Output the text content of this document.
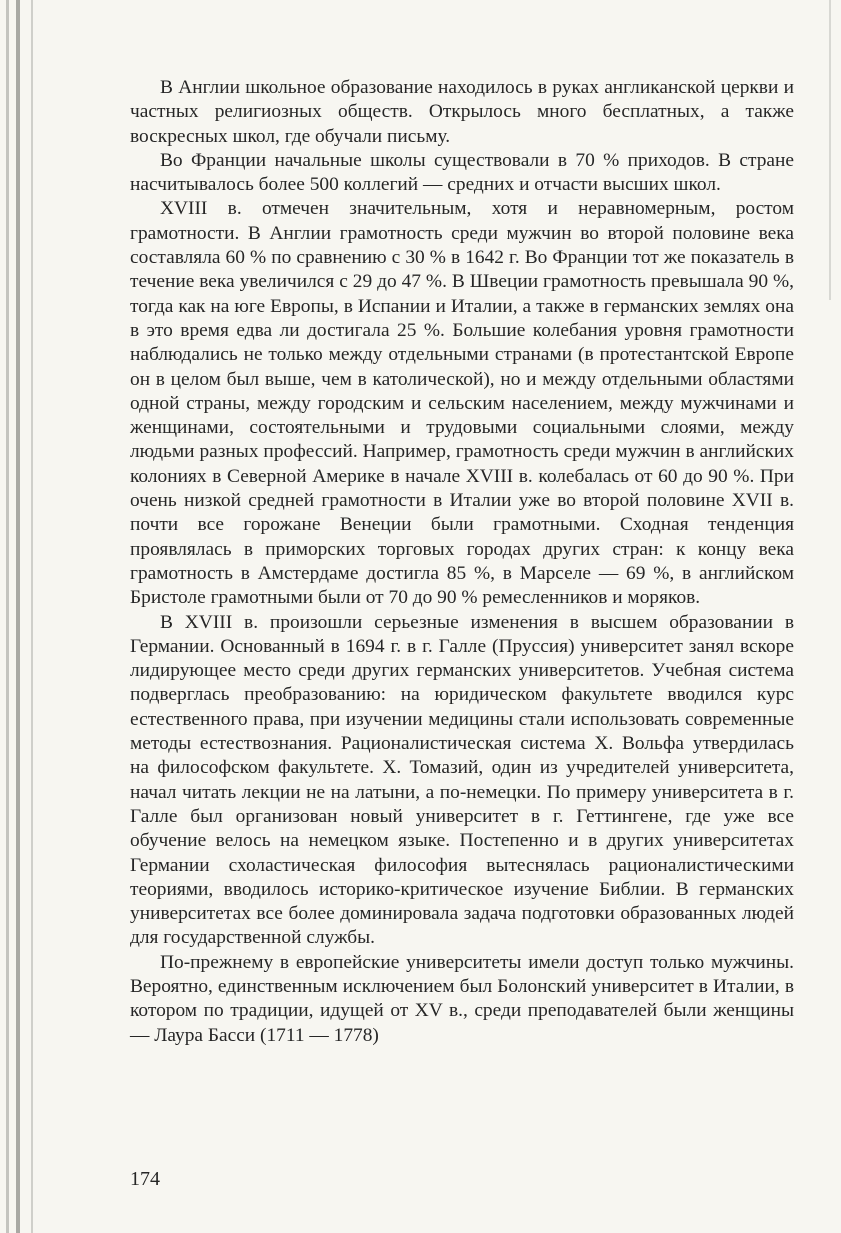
В Англии школьное образование находилось в руках англиканской церкви и частных религиозных обществ. Открылось много бесплатных, а также воскресных школ, где обучали письму.

Во Франции начальные школы существовали в 70 % приходов. В стране насчитывалось более 500 коллегий — средних и отчасти высших школ.

XVIII в. отмечен значительным, хотя и неравномерным, ростом грамотности. В Англии грамотность среди мужчин во второй половине века составляла 60 % по сравнению с 30 % в 1642 г. Во Франции тот же показатель в течение века увеличился с 29 до 47 %. В Швеции грамотность превышала 90 %, тогда как на юге Европы, в Испании и Италии, а также в германских землях она в это время едва ли достигала 25 %. Большие колебания уровня грамотности наблюдались не только между отдельными странами (в протестантской Европе он в целом был выше, чем в католической), но и между отдельными областями одной страны, между городским и сельским населением, между мужчинами и женщинами, состоятельными и трудовыми социальными слоями, между людьми разных профессий. Например, грамотность среди мужчин в английских колониях в Северной Америке в начале XVIII в. колебалась от 60 до 90 %. При очень низкой средней грамотности в Италии уже во второй половине XVII в. почти все горожане Венеции были грамотными. Сходная тенденция проявлялась в приморских торговых городах других стран: к концу века грамотность в Амстердаме достигла 85 %, в Марселе — 69 %, в английском Бристоле грамотными были от 70 до 90 % ремесленников и моряков.

В XVIII в. произошли серьезные изменения в высшем образовании в Германии. Основанный в 1694 г. в г. Галле (Пруссия) университет занял вскоре лидирующее место среди других германских университетов. Учебная система подверглась преобразованию: на юридическом факультете вводился курс естественного права, при изучении медицины стали использовать современные методы естествознания. Рационалистическая система Х. Вольфа утвердилась на философском факультете. Х. Томазий, один из учредителей университета, начал читать лекции не на латыни, а по-немецки. По примеру университета в г. Галле был организован новый университет в г. Геттингене, где уже все обучение велось на немецком языке. Постепенно и в других университетах Германии схоластическая философия вытеснялась рационалистическими теориями, вводилось историко-критическое изучение Библии. В германских университетах все более доминировала задача подготовки образованных людей для государственной службы.

По-прежнему в европейские университеты имели доступ только мужчины. Вероятно, единственным исключением был Болонский университет в Италии, в котором по традиции, идущей от XV в., среди преподавателей были женщины — Лаура Басси (1711 — 1778)

174
